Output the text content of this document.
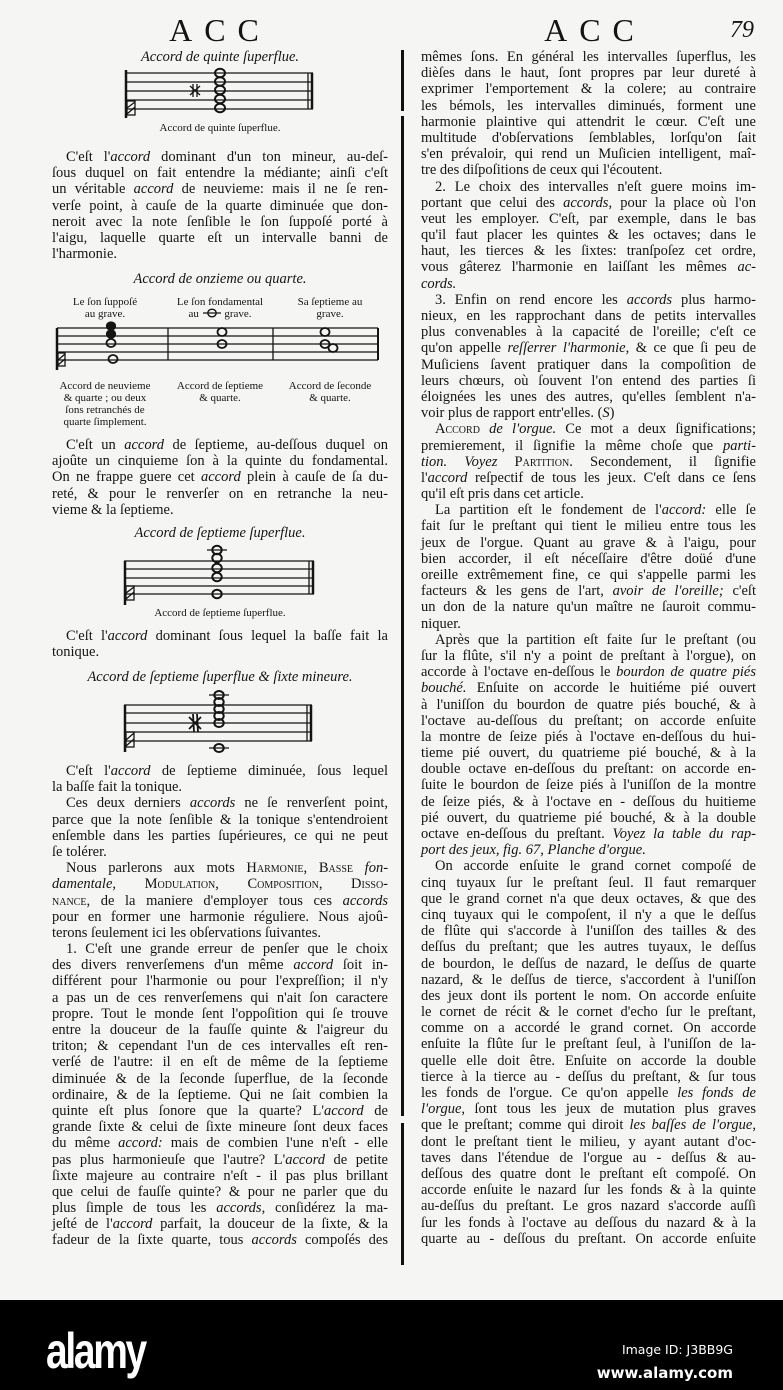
ACC	ACC	79
Accord de quinte ſuperflue.
Accord de quinte ſuperflue.
Accord de onzieme ou quarte.
Le ſon ſuppoſé
au grave.
Le ſon fondamental
au grave.
Sa ſeptieme au
grave.
Accord de neuvieme
& quarte ; ou deux
ſons retranchés de
quarte ſimplement.
Accord de ſeptieme
& quarte.
Accord de ſeconde
& quarte.
Accord de ſeptieme ſuperflue.
Accord de ſeptieme ſuperflue.
Accord de ſeptieme ſuperflue & ſixte mineure.
C'eſt l'accord dominant d'un ton mineur, au-deſ-
ſous duquel on fait entendre la médiante; ainſi c'eſt
un véritable accord de neuvieme: mais il ne ſe ren-
verſe point, à cauſe de la quarte diminuée que don-
neroit avec la note ſenſible le ſon ſuppoſé porté à
l'aigu, laquelle quarte eſt un intervalle banni de
l'harmonie.
C'eſt un accord de ſeptieme, au-deſſous duquel on
ajoûte un cinquieme ſon à la quinte du fondamental.
On ne frappe guere cet accord plein à cauſe de ſa du-
reté, & pour le renverſer on en retranche la neu-
vieme & la ſeptieme.
C'eſt l'accord dominant ſous lequel la baſſe fait la
tonique.
C'eſt l'accord de ſeptieme diminuée, ſous lequel
la baſſe fait la tonique.
Ces deux derniers accords ne ſe renverſent point,
parce que la note ſenſible & la tonique s'entendroient
enſemble dans les parties ſupérieures, ce qui ne peut
ſe tolérer.
Nous parlerons aux mots Harmonie, Basse fon-
damentale, Modulation, Composition, Disso-
nance, de la maniere d'employer tous ces accords
pour en former une harmonie réguliere. Nous ajoû-
terons ſeulement ici les obſervations ſuivantes.
1. C'eſt une grande erreur de penſer que le choix
des divers renverſemens d'un même accord ſoit in-
différent pour l'harmonie ou pour l'expreſſion; il n'y
a pas un de ces renverſemens qui n'ait ſon caractere
propre. Tout le monde ſent l'oppoſition qui ſe trouve
entre la douceur de la fauſſe quinte & l'aigreur du
triton; & cependant l'un de ces intervalles eſt ren-
verſé de l'autre: il en eſt de même de la ſeptieme
diminuée & de la ſeconde ſuperflue, de la ſeconde
ordinaire, & de la ſeptieme. Qui ne ſait combien la
quinte eſt plus ſonore que la quarte? L'accord de
grande ſixte & celui de ſixte mineure ſont deux faces
du même accord: mais de combien l'une n'eſt - elle
pas plus harmonieuſe que l'autre? L'accord de petite
ſixte majeure au contraire n'eſt - il pas plus brillant
que celui de fauſſe quinte? & pour ne parler que du
plus ſimple de tous les accords, conſidérez la ma-
jeſté de l'accord parfait, la douceur de la ſixte, & la
fadeur de la ſixte quarte, tous accords compoſés des
mêmes ſons. En général les intervalles ſuperflus, les
dièſes dans le haut, ſont propres par leur dureté à
exprimer l'emportement & la colere; au contraire
les bémols, les intervalles diminués, forment une
harmonie plaintive qui attendrit le cœur. C'eſt une
multitude d'obſervations ſemblables, lorſqu'on ſait
s'en prévaloir, qui rend un Muſicien intelligent, maî-
tre des diſpoſitions de ceux qui l'écoutent.
2. Le choix des intervalles n'eſt guere moins im-
portant que celui des accords, pour la place où l'on
veut les employer. C'eſt, par exemple, dans le bas
qu'il faut placer les quintes & les octaves; dans le
haut, les tierces & les ſixtes: tranſpoſez cet ordre,
vous gâterez l'harmonie en laiſſant les mêmes ac-
cords.
3. Enfin on rend encore les accords plus harmo-
nieux, en les rapprochant dans de petits intervalles
plus convenables à la capacité de l'oreille; c'eſt ce
qu'on appelle reſſerrer l'harmonie, & ce que ſi peu de
Muſiciens ſavent pratiquer dans la compoſition de
leurs chœurs, où ſouvent l'on entend des parties ſi
éloignées les unes des autres, qu'elles ſemblent n'a-
voir plus de rapport entr'elles. (S)
Accord de l'orgue. Ce mot a deux ſignifications;
premierement, il ſignifie la même choſe que parti-
tion. Voyez Partition. Secondement, il ſignifie
l'accord reſpectif de tous les jeux. C'eſt dans ce ſens
qu'il eſt pris dans cet article.
La partition eſt le fondement de l'accord: elle ſe
fait ſur le preſtant qui tient le milieu entre tous les
jeux de l'orgue. Quant au grave & à l'aigu, pour
bien accorder, il eſt néceſſaire d'être doüé d'une
oreille extrêmement fine, ce qui s'appelle parmi les
facteurs & les gens de l'art, avoir de l'oreille; c'eſt
un don de la nature qu'un maître ne ſauroit commu-
niquer.
Après que la partition eſt faite ſur le preſtant (ou
ſur la flûte, s'il n'y a point de preſtant à l'orgue), on
accorde à l'octave en-deſſous le bourdon de quatre piés
bouché. Enſuite on accorde le huitiéme pié ouvert
à l'uniſſon du bourdon de quatre piés bouché, & à
l'octave au-deſſous du preſtant; on accorde enſuite
la montre de ſeize piés à l'octave en-deſſous du hui-
tieme pié ouvert, du quatrieme pié bouché, & à la
double octave en-deſſous du preſtant: on accorde en-
ſuite le bourdon de ſeize piés à l'uniſſon de la montre
de ſeize piés, & à l'octave en - deſſous du huitieme
pié ouvert, du quatrieme pié bouché, & à la double
octave en-deſſous du preſtant. Voyez la table du rap-
port des jeux, fig. 67, Planche d'orgue.
On accorde enſuite le grand cornet compoſé de
cinq tuyaux ſur le preſtant ſeul. Il faut remarquer
que le grand cornet n'a que deux octaves, & que des
cinq tuyaux qui le compoſent, il n'y a que le deſſus
de flûte qui s'accorde à l'uniſſon des tailles & des
deſſus du preſtant; que les autres tuyaux, le deſſus
de bourdon, le deſſus de nazard, le deſſus de quarte
nazard, & le deſſus de tierce, s'accordent à l'uniſſon
des jeux dont ils portent le nom. On accorde enſuite
le cornet de récit & le cornet d'echo ſur le preſtant,
comme on a accordé le grand cornet. On accorde
enſuite la flûte ſur le preſtant ſeul, à l'uniſſon de la-
quelle elle doit être. Enſuite on accorde la double
tierce à la tierce au - deſſus du preſtant, & ſur tous
les fonds de l'orgue. Ce qu'on appelle les fonds de
l'orgue, ſont tous les jeux de mutation plus graves
que le preſtant; comme qui diroit les baſſes de l'orgue,
dont le preſtant tient le milieu, y ayant autant d'oc-
taves dans l'étendue de l'orgue au - deſſus & au-
deſſous des quatre dont le preſtant eſt compoſé. On
accorde enſuite le nazard ſur les fonds & à la quinte
au-deſſus du preſtant. Le gros nazard s'accorde auſſi
ſur les fonds à l'octave au deſſous du nazard & à la
quarte au - deſſous du preſtant. On accorde enſuite
alamy	Image ID: J3BB9G
www.alamy.com
